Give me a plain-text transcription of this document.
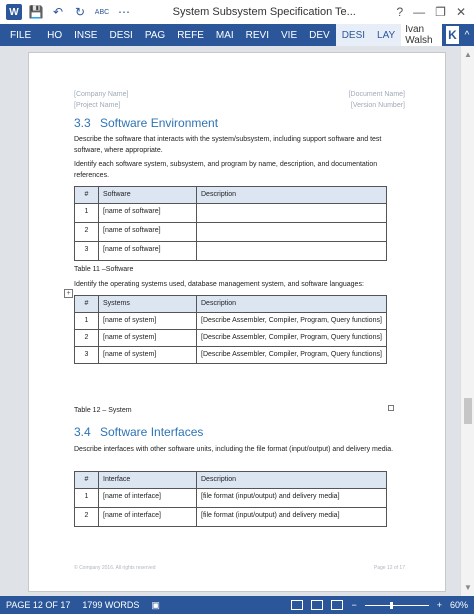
W 💾 ↶ ↻	ABC ⋯	System Subsystem Specification Te...	? — ❐ ✕
FILE	HO	INSE	DESI	PAG	REFE	MAI	REVI	VIE	DEV	DESI	LAY	Ivan Walsh	K ^
[Company Name]
[Project Name]
[Document Name]
[Version Number]
3.3 Software Environment
Describe the software that interacts with the system/subsystem, including support software and test software, where appropriate.
Identify each software system, subsystem, and program by name, description, and documentation references.
#	Software	Description
1	[name of software]	
2	[name of software]	
3	[name of software]	
Table 11 –Software
Identify the operating systems used, database management system, and software languages:
+
#	Systems	Description
1	[name of system]	[Describe Assembler, Compiler, Program, Query functions]
2	[name of system]	[Describe Assembler, Compiler, Program, Query functions]
3	[name of system]	[Describe Assembler, Compiler, Program, Query functions]
Table 12 – System
3.4 Software Interfaces
Describe interfaces with other software units, including the file format (input/output) and delivery media.
#	Interface	Description
1	[name of interface]	[file format (input/output) and delivery media]
2	[name of interface]	[file format (input/output) and delivery media]
© Company 2016. All rights reserved	Page 12 of 17
▲
▼
PAGE 12 OF 17 1799 WORDS ▣	−	+ 60%
